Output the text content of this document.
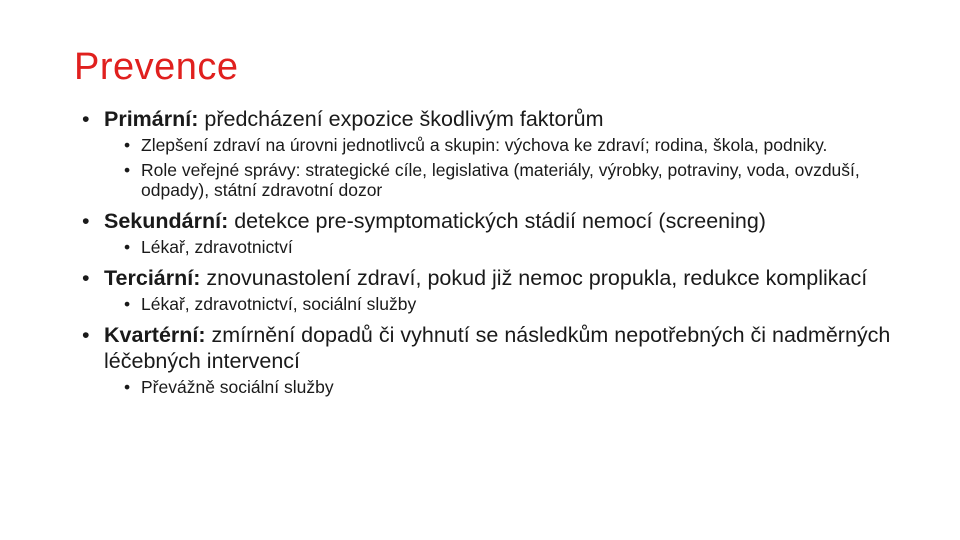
Prevence
• Primární: předcházení expozice škodlivým faktorům
• Zlepšení zdraví na úrovni jednotlivců a skupin: výchova ke zdraví; rodina, škola, podniky.
• Role veřejné správy: strategické cíle, legislativa (materiály, výrobky, potraviny, voda, ovzduší, odpady), státní zdravotní dozor
• Sekundární: detekce pre-symptomatických stádií nemocí (screening)
• Lékař, zdravotnictví
• Terciární: znovunastolení zdraví, pokud již nemoc propukla, redukce komplikací
• Lékař, zdravotnictví, sociální služby
• Kvartérní: zmírnění dopadů či vyhnutí se následkům nepotřebných či nadměrných léčebných intervencí
• Převážně sociální služby
